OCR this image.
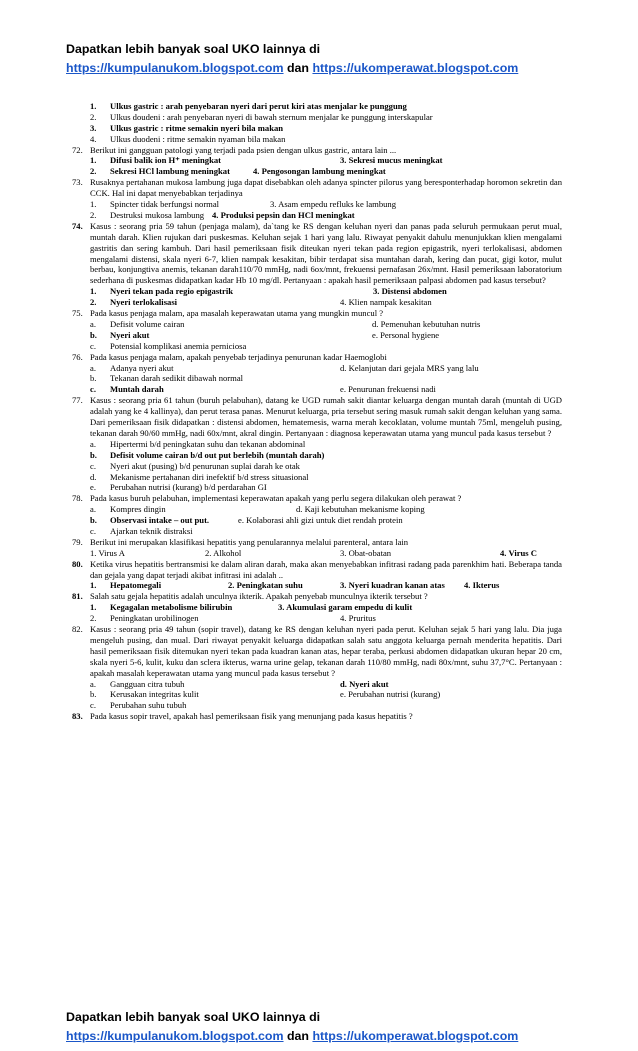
Dapatkan lebih banyak soal UKO lainnya di
https://kumpulanukom.blogspot.com dan https://ukomperawat.blogspot.com
1. Ulkus gastric : arah penyebaran nyeri dari perut kiri atas menjalar ke punggung
2. Ulkus doudeni : arah penyebaran nyeri di bawah sternum menjalar ke punggung interskapular
3. Ulkus gastric : ritme semakin nyeri bila makan
4. Ulkus duodeni : ritme semakin nyaman bila makan
72. Berikut ini gangguan patologi yang terjadi pada psien dengan ulkus gastric, antara lain ...
1. Difusi balik ion H⁺ meningkat	3. Sekresi mucus meningkat
2. Sekresi HCl lambung meningkat	4. Pengosongan lambung meningkat
73. Rusaknya pertahanan mukosa lambung juga dapat disebabkan oleh adanya spincter pilorus yang beresponterhadap horomon sekretin dan CCK. Hal ini dapat menyebabkan terjadinya
1. Spincter tidak berfungsi normal	3. Asam empedu refluks ke lambung
2. Destruksi mukosa lambung 4. Produksi pepsin dan HCl meningkat
74. Kasus : seorang pria 59 tahun (penjaga malam), da`tang ke RS dengan keluhan nyeri dan panas pada seluruh permukaan perut mual, muntah darah. Klien rujukan dari puskesmas. Keluhan sejak 1 hari yang lalu. Riwayat penyakit dahulu menunjukkan klien mengalami gastritis dan sering kambuh. Dari hasil pemeriksaan fisik diteukan nyeri tekan pada region epigastrik, nyeri terlokalisasi, abdomen mengalami distensi, skala nyeri 6-7, klien nampak kesakitan, bibir terdapat sisa muntahan darah, kering dan pucat, gigi kotor, mulut berbau, konjungtiva anemis, tekanan darah110/70 mmHg, nadi 6ox/mnt, frekuensi pernafasan 26x/mnt. Hasil pemeriksaan laboratorium sederhana di puskesmas didapatkan kadar Hb 10 mg/dl. Pertanyaan : apakah hasil pemeriksaan palpasi abdomen pad kasus tersebut?
1. Nyeri tekan pada regio epigastrik	3. Distensi abdomen
2. Nyeri terlokalisasi	4. Klien nampak kesakitan
75. Pada kasus penjaga malam, apa masalah keperawatan utama yang mungkin muncul ?
a. Defisit volume cairan	d. Pemenuhan kebutuhan nutris
b. Nyeri akut	e. Personal hygiene
c. Potensial komplikasi anemia perniciosa
76. Pada kasus penjaga malam, apakah penyebab terjadinya penurunan kadar Haemoglobi
a. Adanya nyeri akut	d. Kelanjutan dari gejala MRS yang lalu
b. Tekanan darah sedikit dibawah normal
c. Muntah darah	e. Penurunan frekuensi nadi
77. Kasus : seorang pria 61 tahun (buruh pelabuhan), datang ke UGD rumah sakit diantar keluarga dengan muntah darah (muntah di UGD adalah yang ke 4 kallinya), dan perut terasa panas. Menurut keluarga, pria tersebut sering masuk rumah sakit dengan keluhan yang sama. Dari pemeriksaan fisik didapatkan : distensi abdomen, hematemesis, warna merah kecoklatan, volume muntah 75ml, mengeluh pusing, tekanan darah 90/60 mmHg, nadi 60x/mnt, akral dingin. Pertanyaan : diagnosa keperawatan utama yang muncul pada kasus tersebut ?
a. Hipertermi b/d peningkatan suhu dan tekanan abdominal
b. Defisit volume cairan b/d out put berlebih (muntah darah)
c. Nyeri akut (pusing) b/d penurunan suplai darah ke otak
d. Mekanisme pertahanan diri inefektif b/d stress situasional
e. Perubahan nutrisi (kurang) b/d perdarahan GI
78. Pada kasus buruh pelabuhan, implementasi keperawatan apakah yang perlu segera dilakukan oleh perawat ?
a. Kompres dingin	d. Kaji kebutuhan mekanisme koping
b. Observasi intake – out put.	e. Kolaborasi ahli gizi untuk diet rendah protein
c. Ajarkan teknik distraksi
79. Berikut ini merupakan klasifikasi hepatitis yang penularannya melalui parenteral, antara lain
1. Virus A	2. Alkohol	3. Obat-obatan	4. Virus C
80. Ketika virus hepatitis bertransmisi ke dalam aliran darah, maka akan menyebabkan infitrasi radang pada parenkhim hati. Beberapa tanda dan gejala yang dapat terjadi akibat infitrasi ini adalah ..
1. Hepatomegali	2. Peningkatan suhu	3. Nyeri kuadran kanan atas 4. Ikterus
81. Salah satu gejala hepatitis adalah unculnya ikterik. Apakah penyebab munculnya ikterik tersebut ?
1. Kegagalan metabolisme bilirubin	3. Akumulasi garam empedu di kulit
2. Peningkatan urobilinogen	4. Pruritus
82. Kasus : seorang pria 49 tahun (sopir travel), datang ke RS dengan keluhan nyeri pada perut. Keluhan sejak 5 hari yang lalu. Dia juga mengeluh pusing, dan mual. Dari riwayat penyakit keluarga didapatkan salah satu anggota keluarga pernah menderita hepatitis. Dari hasil pemeriksaan fisik ditemukan nyeri tekan pada kuadran kanan atas, hepar teraba, perkusi abdomen didapatkan ukuran hepar 20 cm, skala nyeri 5-6, kulit, kuku dan sclera ikterus, warna urine gelap, tekanan darah 110/80 mmHg, nadi 80x/mnt, suhu 37,7°C. Pertanyaan : apakah masalah keperawatan utama yang muncul pada kasus tersebut ?
a. Gangguan citra tubuh	d. Nyeri akut
b. Kerusakan integritas kulit	e. Perubahan nutrisi (kurang)
c. Perubahan suhu tubuh
83. Pada kasus sopir travel, apakah hasl pemeriksaan fisik yang menunjang pada kasus hepatitis ?
Dapatkan lebih banyak soal UKO lainnya di
https://kumpulanukom.blogspot.com dan https://ukomperawat.blogspot.com
